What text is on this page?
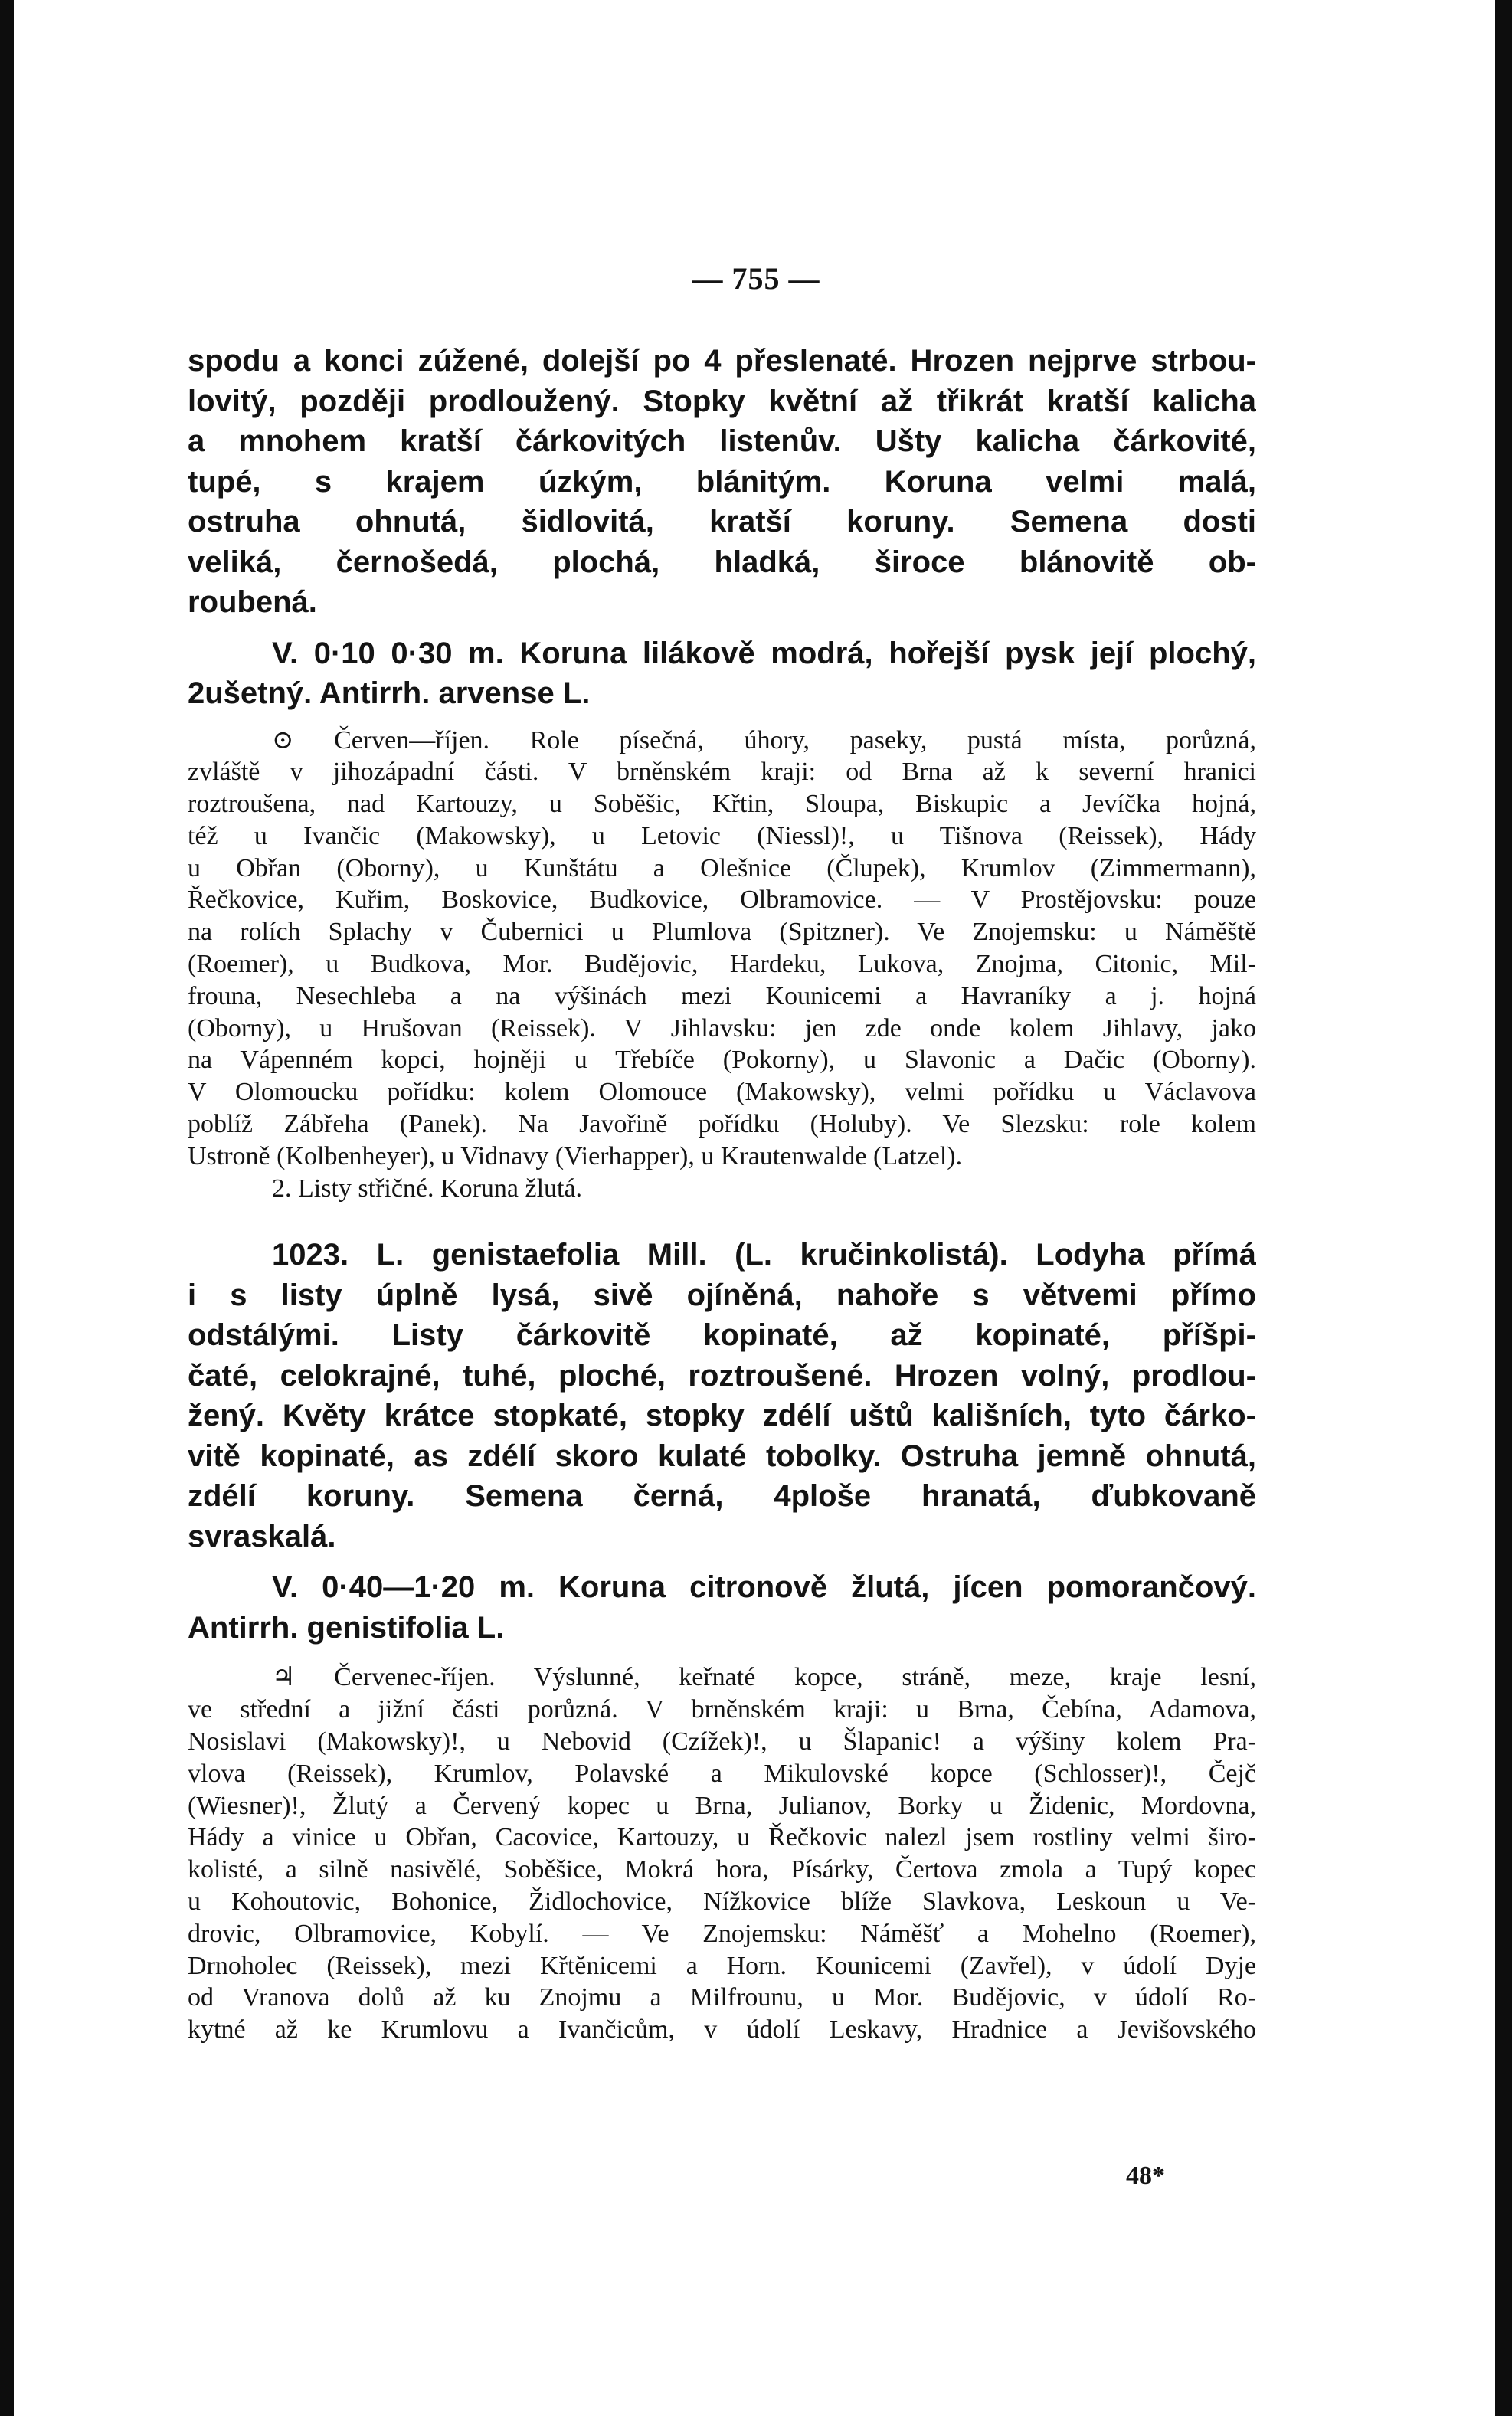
— 755 —
spodu a konci zúžené, dolejší po 4 přeslenaté. Hrozen nejprve strbou-
lovitý, později prodloužený. Stopky květní až třikrát kratší kalicha
a mnohem kratší čárkovitých listenův. Ušty kalicha čárkovité,
tupé, s krajem úzkým, blánitým. Koruna velmi malá,
ostruha ohnutá, šidlovitá, kratší koruny. Semena dosti
veliká, černošedá, plochá, hladká, široce blánovitě ob-
roubená.
V. 0·10 0·30 m. Koruna lilákově modrá, hořejší pysk její plochý,
2ušetný. Antirrh. arvense L.
⊙ Červen—říjen. Role písečná, úhory, paseky, pustá místa, porůzná,
zvláště v jihozápadní části. V brněnském kraji: od Brna až k severní hranici
roztroušena, nad Kartouzy, u Soběšic, Křtin, Sloupa, Biskupic a Jevíčka hojná,
též u Ivančic (Makowsky), u Letovic (Niessl)!, u Tišnova (Reissek), Hády
u Obřan (Oborny), u Kunštátu a Olešnice (Člupek), Krumlov (Zimmermann),
Řečkovice, Kuřim, Boskovice, Budkovice, Olbramovice. — V Prostějovsku: pouze
na rolích Splachy v Čubernici u Plumlova (Spitzner). Ve Znojemsku: u Náměště
(Roemer), u Budkova, Mor. Budějovic, Hardeku, Lukova, Znojma, Citonic, Mil-
frouna, Nesechleba a na výšinách mezi Kounicemi a Havraníky a j. hojná
(Oborny), u Hrušovan (Reissek). V Jihlavsku: jen zde onde kolem Jihlavy, jako
na Vápenném kopci, hojněji u Třebíče (Pokorny), u Slavonic a Dačic (Oborny).
V Olomoucku pořídku: kolem Olomouce (Makowsky), velmi pořídku u Václavova
poblíž Zábřeha (Panek). Na Javořině pořídku (Holuby). Ve Slezsku: role kolem
Ustroně (Kolbenheyer), u Vidnavy (Vierhapper), u Krautenwalde (Latzel).
2. Listy střičné. Koruna žlutá.
1023. L. genistaefolia Mill. (L. kručinkolistá). Lodyha přímá
i s listy úplně lysá, sivě ojíněná, nahoře s větvemi přímo
odstálými. Listy čárkovitě kopinaté, až kopinaté, příšpi-
čaté, celokrajné, tuhé, ploché, roztroušené. Hrozen volný, prodlou-
žený. Květy krátce stopkaté, stopky zdélí uštů kališních, tyto čárko-
vitě kopinaté, as zdélí skoro kulaté tobolky. Ostruha jemně ohnutá,
zdélí koruny. Semena černá, 4ploše hranatá, ďubkovaně
svraskalá.
V. 0·40—1·20 m. Koruna citronově žlutá, jícen pomorančový.
Antirrh. genistifolia L.
♃ Červenec-říjen. Výslunné, keřnaté kopce, stráně, meze, kraje lesní,
ve střední a jižní části porůzná. V brněnském kraji: u Brna, Čebína, Adamova,
Nosislavi (Makowsky)!, u Nebovid (Czížek)!, u Šlapanic! a výšiny kolem Pra-
vlova (Reissek), Krumlov, Polavské a Mikulovské kopce (Schlosser)!, Čejč
(Wiesner)!, Žlutý a Červený kopec u Brna, Julianov, Borky u Židenic, Mordovna,
Hády a vinice u Obřan, Cacovice, Kartouzy, u Řečkovic nalezl jsem rostliny velmi širo-
kolisté, a silně nasivělé, Soběšice, Mokrá hora, Písárky, Čertova zmola a Tupý kopec
u Kohoutovic, Bohonice, Židlochovice, Nížkovice blíže Slavkova, Leskoun u Ve-
drovic, Olbramovice, Kobylí. — Ve Znojemsku: Náměšť a Mohelno (Roemer),
Drnoholec (Reissek), mezi Křtěnicemi a Horn. Kounicemi (Zavřel), v údolí Dyje
od Vranova dolů až ku Znojmu a Milfrounu, u Mor. Budějovic, v údolí Ro-
kytné až ke Krumlovu a Ivančicům, v údolí Leskavy, Hradnice a Jevišovského
48*
